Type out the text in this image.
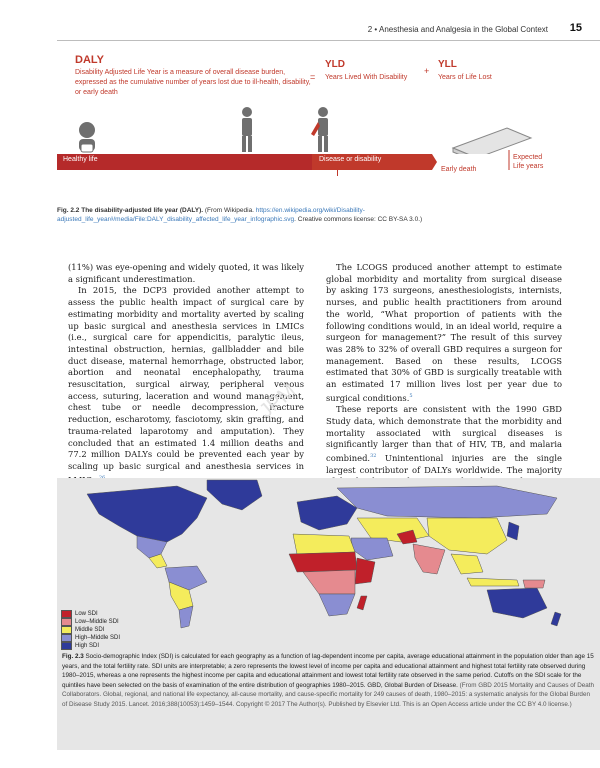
2 • Anesthesia and Analgesia in the Global Context 15
DALY
Disability Adjusted Life Year is a measure of overall disease burden, expressed as the cumulative number of years lost due to ill-health, disability, or early death
=
YLD
Years Lived With Disability
+
YLL
Years of Life Lost
Healthy life	Disease or disability
Early death
Expected
Life years
Fig. 2.2 The disability-adjusted life year (DALY). (From Wikipedia. https://en.wikipedia.org/wiki/Disability-adjusted_life_year#/media/File:DALY_disability_affected_life_year_infographic.svg. Creative commons license: CC BY-SA 3.0.)

(11%) was eye-opening and widely quoted, it was likely a significant underestimation.

In 2015, the DCP3 provided another attempt to assess the public health impact of surgical care by estimating morbidity and mortality averted by scaling up basic surgical and anesthesia services in LMICs (i.e., surgical care for appendicitis, paralytic ileus, intestinal obstruction, hernias, gallbladder and bile duct disease, maternal hemorrhage, obstructed labor, abortion and neonatal encephalopathy, trauma resuscitation, surgical airway, peripheral venous access, suturing, laceration and wound management, chest tube or needle decompression, fracture reduction, escharotomy, fasciotomy, skin grafting, and trauma-related laparotomy and amputation). They concluded that an estimated 1.4 million deaths and 77.2 million DALYs could be prevented each year by scaling up basic surgical and anesthesia services in

The LCOGS produced another attempt to estimate global morbidity and mortality from surgical disease by asking 173 surgeons, anesthesiologists, internists, nurses, and public health practitioners from around the world, “What proportion of patients with the following conditions would, in an ideal world, require a surgeon for management?” The result of this survey was 28% to 32% of overall GBD requires a surgeon for management. Based on these results, LCOGS estimated that 30% of GBD is surgically treatable with an estimated 17 million lives lost per year due to surgical conditions.$^5$

These reports are consistent with the 1990 GBD Study data, which demonstrate that the morbidity and mortality associated with surgical diseases is significantly larger than that of HIV, TB, and malaria combined.$^{32}$ Unintentional injuries are the single largest contributor of DALYs worldwide. The majority

JPM
Low SDI
Low–Middle SDI
Middle SDI
High–Middle SDI
High SDI
Fig. 2.3 Socio-demographic Index (SDI) is calculated for each geography as a function of lag-dependent income per capita, average educational attainment in the population older than age 15 years, and the total fertility rate. SDI units are interpretable; a zero represents the lowest level of income per capita and educational attainment and highest total fertility rate observed during 1980–2015, whereas a one represents the highest income per capita and educational attainment and lowest total fertility rate observed in the same period. Cutoffs on the SDI scale for the quintiles have been selected on the basis of examination of the entire distribution of geographies 1980–2015. GBD, Global Burden of Disease. (From GBD 2015 Mortality and Causes of Death Collaborators. Global, regional, and national life expectancy, all-cause mortality, and cause-specific mortality for 249 causes of death, 1980–2015: a systematic analysis for the Global Burden of Disease Study 2015. Lancet. 2016;388(10053):1459–1544. Copyright © 2017 The Author(s). Published by Elsevier Ltd. This is an Open Access article under the CC BY 4.0 license.)
